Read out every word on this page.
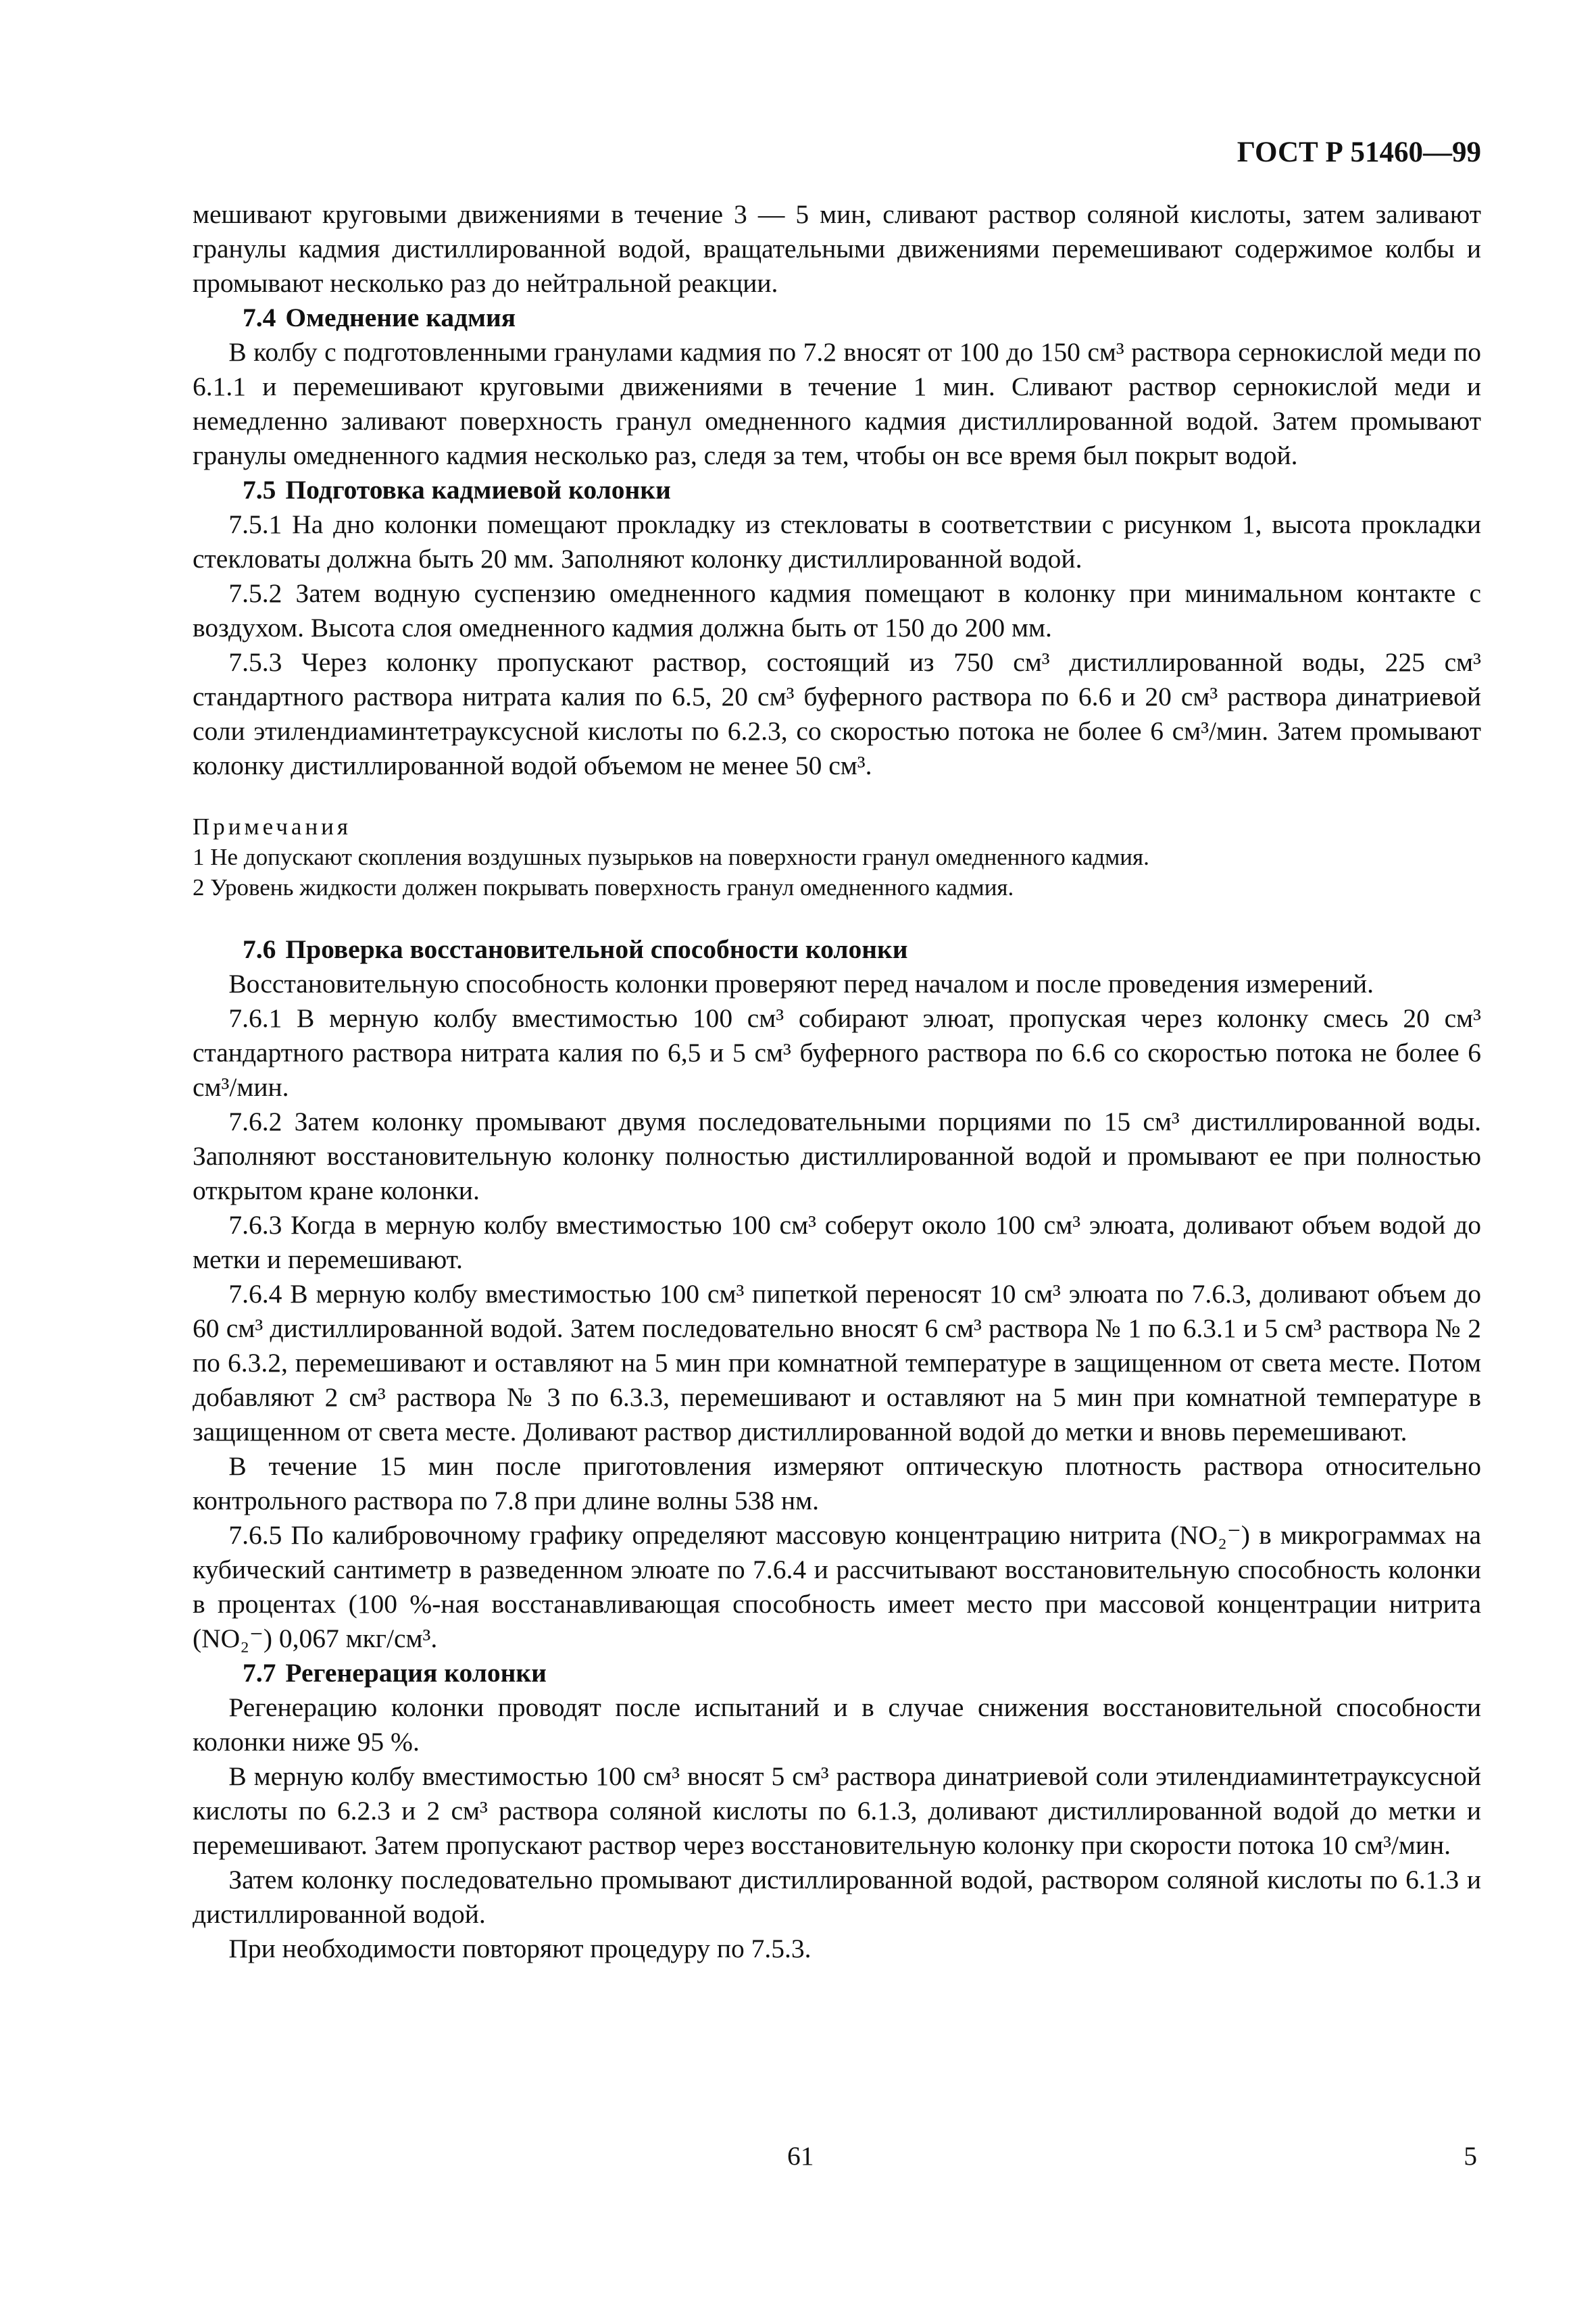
ГОСТ Р 51460—99

мешивают круговыми движениями в течение 3 — 5 мин, сливают раствор соляной кислоты, затем заливают гранулы кадмия дистиллированной водой, вращательными движениями перемешивают содержимое колбы и промывают несколько раз до нейтральной реакции.

7.4 Омеднение кадмия

В колбу с подготовленными гранулами кадмия по 7.2 вносят от 100 до 150 см³ раствора сернокислой меди по 6.1.1 и перемешивают круговыми движениями в течение 1 мин. Сливают раствор сернокислой меди и немедленно заливают поверхность гранул омедненного кадмия дистиллированной водой. Затем промывают гранулы омедненного кадмия несколько раз, следя за тем, чтобы он все время был покрыт водой.

7.5 Подготовка кадмиевой колонки

7.5.1 На дно колонки помещают прокладку из стекловаты в соответствии с рисунком 1, высота прокладки стекловаты должна быть 20 мм. Заполняют колонку дистиллированной водой.

7.5.2 Затем водную суспензию омедненного кадмия помещают в колонку при минимальном контакте с воздухом. Высота слоя омедненного кадмия должна быть от 150 до 200 мм.

7.5.3 Через колонку пропускают раствор, состоящий из 750 см³ дистиллированной воды, 225 см³ стандартного раствора нитрата калия по 6.5, 20 см³ буферного раствора по 6.6 и 20 см³ раствора динатриевой соли этилендиаминтетрауксусной кислоты по 6.2.3, со скоростью потока не более 6 см³/мин. Затем промывают колонку дистиллированной водой объемом не менее 50 см³.

Примечания

1 Не допускают скопления воздушных пузырьков на поверхности гранул омедненного кадмия.

2 Уровень жидкости должен покрывать поверхность гранул омедненного кадмия.

7.6 Проверка восстановительной способности колонки

Восстановительную способность колонки проверяют перед началом и после проведения измерений.

7.6.1 В мерную колбу вместимостью 100 см³ собирают элюат, пропуская через колонку смесь 20 см³ стандартного раствора нитрата калия по 6,5 и 5 см³ буферного раствора по 6.6 со скоростью потока не более 6 см³/мин.

7.6.2 Затем колонку промывают двумя последовательными порциями по 15 см³ дистиллированной воды. Заполняют восстановительную колонку полностью дистиллированной водой и промывают ее при полностью открытом кране колонки.

7.6.3 Когда в мерную колбу вместимостью 100 см³ соберут около 100 см³ элюата, доливают объем водой до метки и перемешивают.

7.6.4 В мерную колбу вместимостью 100 см³ пипеткой переносят 10 см³ элюата по 7.6.3, доливают объем до 60 см³ дистиллированной водой. Затем последовательно вносят 6 см³ раствора № 1 по 6.3.1 и 5 см³ раствора № 2 по 6.3.2, перемешивают и оставляют на 5 мин при комнатной температуре в защищенном от света месте. Потом добавляют 2 см³ раствора № 3 по 6.3.3, перемешивают и оставляют на 5 мин при комнатной температуре в защищенном от света месте. Доливают раствор дистиллированной водой до метки и вновь перемешивают.

В течение 15 мин после приготовления измеряют оптическую плотность раствора относительно контрольного раствора по 7.8 при длине волны 538 нм.

7.6.5 По калибровочному графику определяют массовую концентрацию нитрита (NO₂⁻) в микрограммах на кубический сантиметр в разведенном элюате по 7.6.4 и рассчитывают восстановительную способность колонки в процентах (100 %-ная восстанавливающая способность имеет место при массовой концентрации нитрита (NO₂⁻) 0,067 мкг/см³.

7.7 Регенерация колонки

Регенерацию колонки проводят после испытаний и в случае снижения восстановительной способности колонки ниже 95 %.

В мерную колбу вместимостью 100 см³ вносят 5 см³ раствора динатриевой соли этилендиаминтетрауксусной кислоты по 6.2.3 и 2 см³ раствора соляной кислоты по 6.1.3, доливают дистиллированной водой до метки и перемешивают. Затем пропускают раствор через восстановительную колонку при скорости потока 10 см³/мин.

Затем колонку последовательно промывают дистиллированной водой, раствором соляной кислоты по 6.1.3 и дистиллированной водой.

При необходимости повторяют процедуру по 7.5.3.

61	5
